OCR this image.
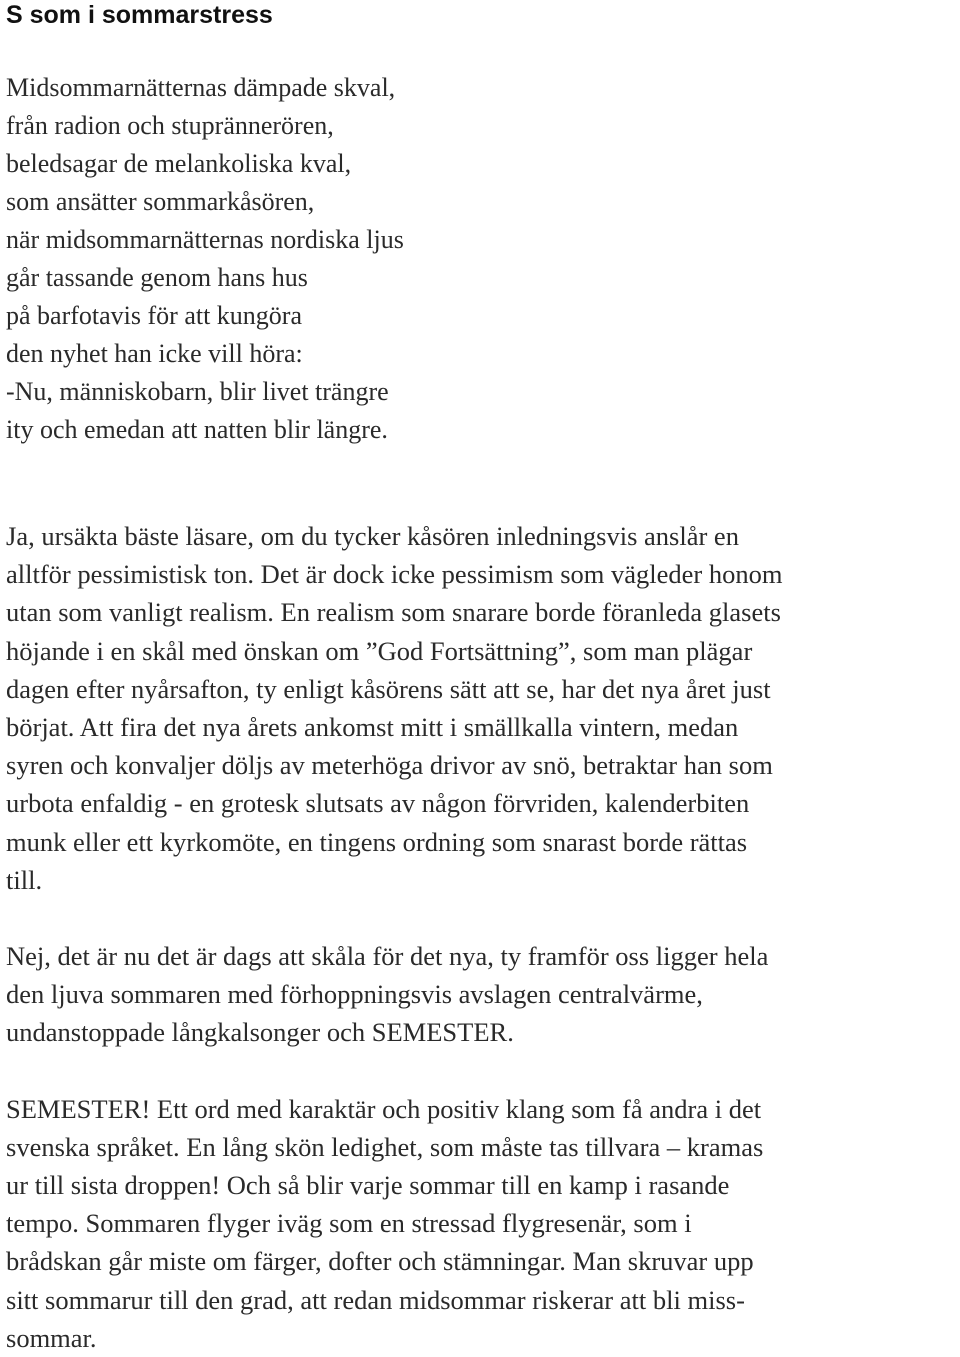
S som i sommarstress
Midsommarnätternas dämpade skval,
från radion och stuprännerören,
beledsagar de melankoliska kval,
som ansätter sommarkåsören,
när midsommarnätternas nordiska ljus
går tassande genom hans hus
på barfotavis för att kungöra
den nyhet han icke vill höra:
-Nu, människobarn, blir livet trängre
ity och emedan att natten blir längre.
Ja, ursäkta bäste läsare, om du tycker kåsören inledningsvis anslår en
alltför pessimistisk ton. Det är dock icke pessimism som vägleder honom
utan som vanligt realism. En realism som snarare borde föranleda glasets
höjande i en skål med önskan om ”God Fortsättning”, som man plägar
dagen efter nyårsafton, ty enligt kåsörens sätt att se, har det nya året just
börjat. Att fira det nya årets ankomst mitt i smällkalla vintern, medan
syren och konvaljer döljs av meterhöga drivor av snö, betraktar han som
urbota enfaldig - en grotesk slutsats av någon förvriden, kalenderbiten
munk eller ett kyrkomöte, en tingens ordning som snarast borde rättas
till.
Nej, det är nu det är dags att skåla för det nya, ty framför oss ligger hela
den ljuva sommaren med förhoppningsvis avslagen centralvärme,
undanstoppade långkalsonger och SEMESTER.
SEMESTER! Ett ord med karaktär och positiv klang som få andra i det
svenska språket. En lång skön ledighet, som måste tas tillvara – kramas
ur till sista droppen! Och så blir varje sommar till en kamp i rasande
tempo. Sommaren flyger iväg som en stressad flygresenär, som i
brådskan går miste om färger, dofter och stämningar. Man skruvar upp
sitt sommarur till den grad, att redan midsommar riskerar att bli miss-
sommar.
